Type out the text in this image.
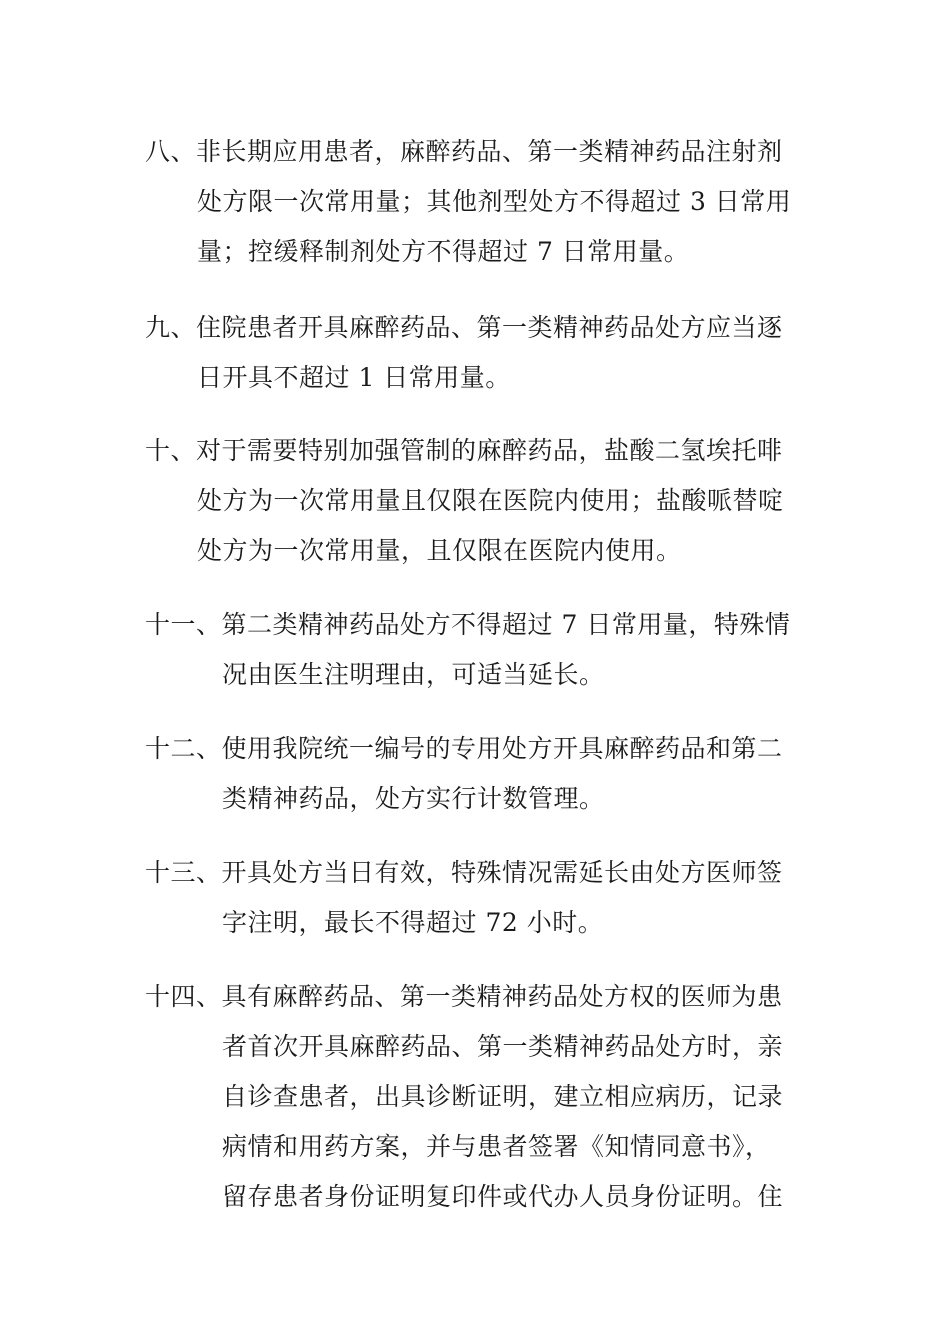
八、非长期应用患者，麻醉药品、第一类精神药品注射剂
处方限一次常用量；其他剂型处方不得超过 3 日常用
量；控缓释制剂处方不得超过 7 日常用量。
九、住院患者开具麻醉药品、第一类精神药品处方应当逐
日开具不超过 1 日常用量。
十、对于需要特别加强管制的麻醉药品，盐酸二氢埃托啡
处方为一次常用量且仅限在医院内使用；盐酸哌替啶
处方为一次常用量，且仅限在医院内使用。
十一、第二类精神药品处方不得超过 7 日常用量，特殊情
况由医生注明理由，可适当延长。
十二、使用我院统一编号的专用处方开具麻醉药品和第二
类精神药品，处方实行计数管理。
十三、开具处方当日有效，特殊情况需延长由处方医师签
字注明，最长不得超过 72 小时。
十四、具有麻醉药品、第一类精神药品处方权的医师为患
者首次开具麻醉药品、第一类精神药品处方时，亲
自诊查患者，出具诊断证明，建立相应病历，记录
病情和用药方案，并与患者签署《知情同意书》，
留存患者身份证明复印件或代办人员身份证明。住
